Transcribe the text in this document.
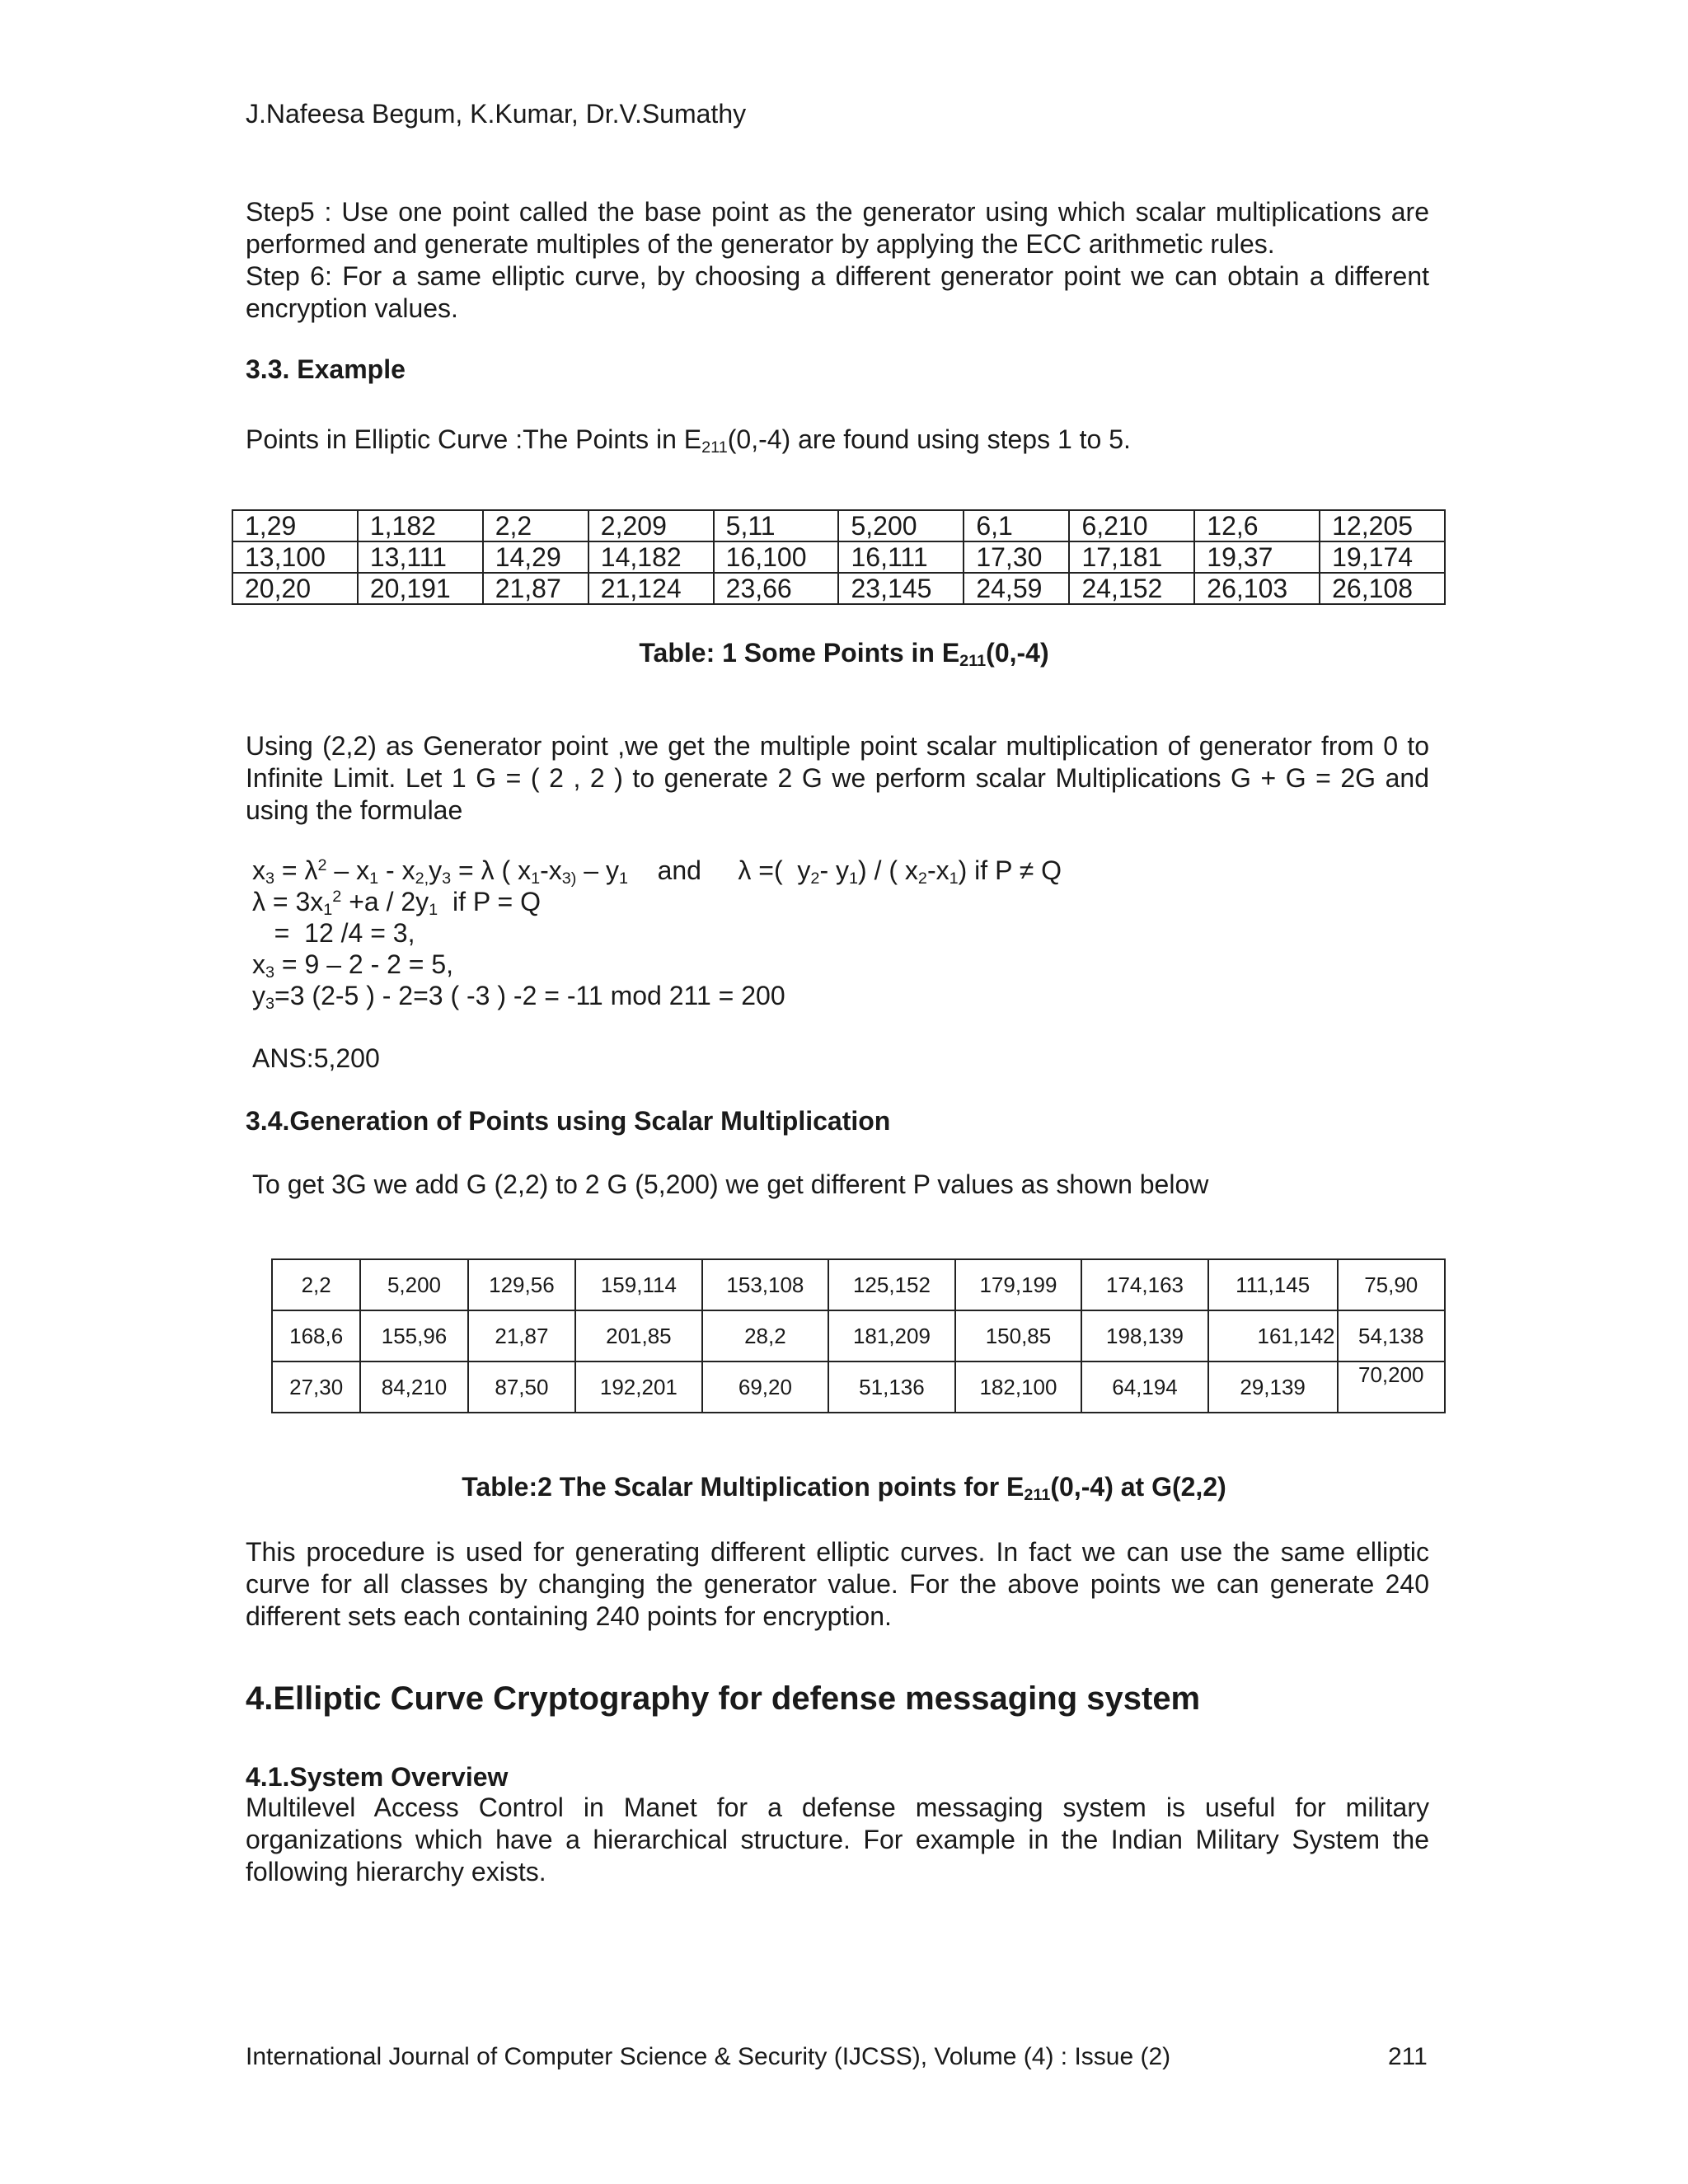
J.Nafeesa Begum, K.Kumar, Dr.V.Sumathy

Step5 : Use one point called the base point as the generator using which scalar multiplications are performed and generate multiples of the generator by applying the ECC arithmetic rules.

Step 6: For a same elliptic curve, by choosing a different generator point we can obtain a different encryption values.

3.3. Example
Points in Elliptic Curve :The Points in $E_{211}(0,-4)$ are found using steps 1 to 5.
1,29	1,182	2,2	2,209	5,11	5,200	6,1	6,210	12,6	12,205
13,100	13,111	14,29	14,182	16,100	16,111	17,30	17,181	19,37	19,174
20,20	20,191	21,87	21,124	23,66	23,145	24,59	24,152	26,103	26,108
Table: 1 Some Points in $E_{211}(0,-4)$
Using (2,2) as Generator point ,we get the multiple point scalar multiplication of generator from 0 to Infinite Limit. Let 1 G = ( 2 , 2 ) to generate 2 G we perform scalar Multiplications G + G = 2G and using the formulae
$x_3 = \lambda^2 - x_1 - x_{2,}y_3 = \lambda$ ( $x_1-x_{3)} - y_1$    and     λ =(  $y_2-$ $y_1$) / ( $x_2-x_1$) if P ≠ Q
$\lambda = 3x_1^2 +a / 2y_1$  if P = Q
=  12 /4 = 3,
$x_3 = 9 - 2 - 2 = 5$,
$y_3=3$ (2-5 ) - 2=3 ( -3 ) -2 = -11 mod 211 = 200
ANS:5,200
3.4.Generation of Points using Scalar Multiplication
To get 3G we add G (2,2) to 2 G (5,200) we get different P values as shown below
2,2	5,200	129,56	159,114	153,108	125,152	179,199	174,163	111,145	75,90
168,6	155,96	21,87	201,85	28,2	181,209	150,85	198,139	161,142	54,138
27,30	84,210	87,50	192,201	69,20	51,136	182,100	64,194	29,139	70,200
Table:2 The Scalar Multiplication points for $E_{211}(0,-4)$ at G(2,2)
This procedure is used for generating different elliptic curves. In fact we can use the same elliptic curve for all classes by changing the generator value. For the above points we can generate 240 different sets each containing 240 points for encryption.
4.Elliptic Curve Cryptography for defense messaging system
4.1.System Overview
Multilevel Access Control in Manet for a defense messaging system is useful for military organizations which have a hierarchical structure. For example in the Indian Military System the following hierarchy exists.
International Journal of Computer Science & Security (IJCSS), Volume (4) : Issue (2)	211
